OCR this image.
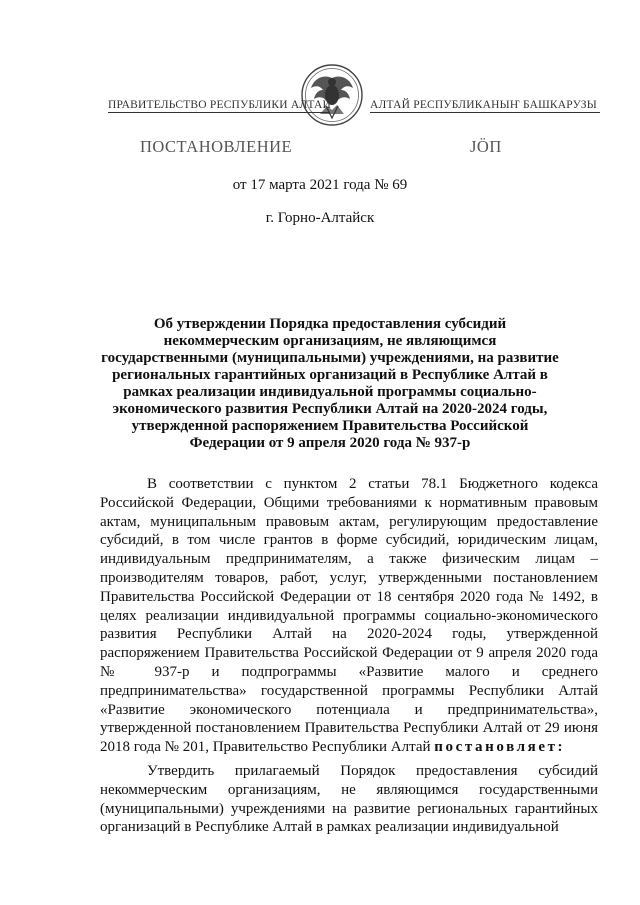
ПРАВИТЕЛЬСТВО РЕСПУБЛИКИ АЛТАЙ	АЛТАЙ РЕСПУБЛИКАНЫҤ БАШКАРУЗЫ
ПОСТАНОВЛЕНИЕ	ЈÖП
от 17 марта 2021 года № 69
г. Горно-Алтайск
Об утверждении Порядка предоставления субсидий некоммерческим организациям, не являющимся государственными (муниципальными) учреждениями, на развитие региональных гарантийных организаций в Республике Алтай в рамках реализации индивидуальной программы социально-экономического развития Республики Алтай на 2020-2024 годы, утвержденной распоряжением Правительства Российской Федерации от 9 апреля 2020 года № 937-р

В соответствии с пунктом 2 статьи 78.1 Бюджетного кодекса Российской Федерации, Общими требованиями к нормативным правовым актам, муниципальным правовым актам, регулирующим предоставление субсидий, в том числе грантов в форме субсидий, юридическим лицам, индивидуальным предпринимателям, а также физическим лицам – производителям товаров, работ, услуг, утвержденными постановлением Правительства Российской Федерации от 18 сентября 2020 года № 1492, в целях реализации индивидуальной программы социально-экономического развития Республики Алтай на 2020-2024 годы, утвержденной распоряжением Правительства Российской Федерации от 9 апреля 2020 года № 937-р и подпрограммы «Развитие малого и среднего предпринимательства» государственной программы Республики Алтай «Развитие экономического потенциала и предпринимательства», утвержденной постановлением Правительства Республики Алтай от 29 июня 2018 года № 201, Правительство Республики Алтай постановляет:

Утвердить прилагаемый Порядок предоставления субсидий некоммерческим организациям, не являющимся государственными (муниципальными) учреждениями на развитие региональных гарантийных организаций в Республике Алтай в рамках реализации индивидуальной
